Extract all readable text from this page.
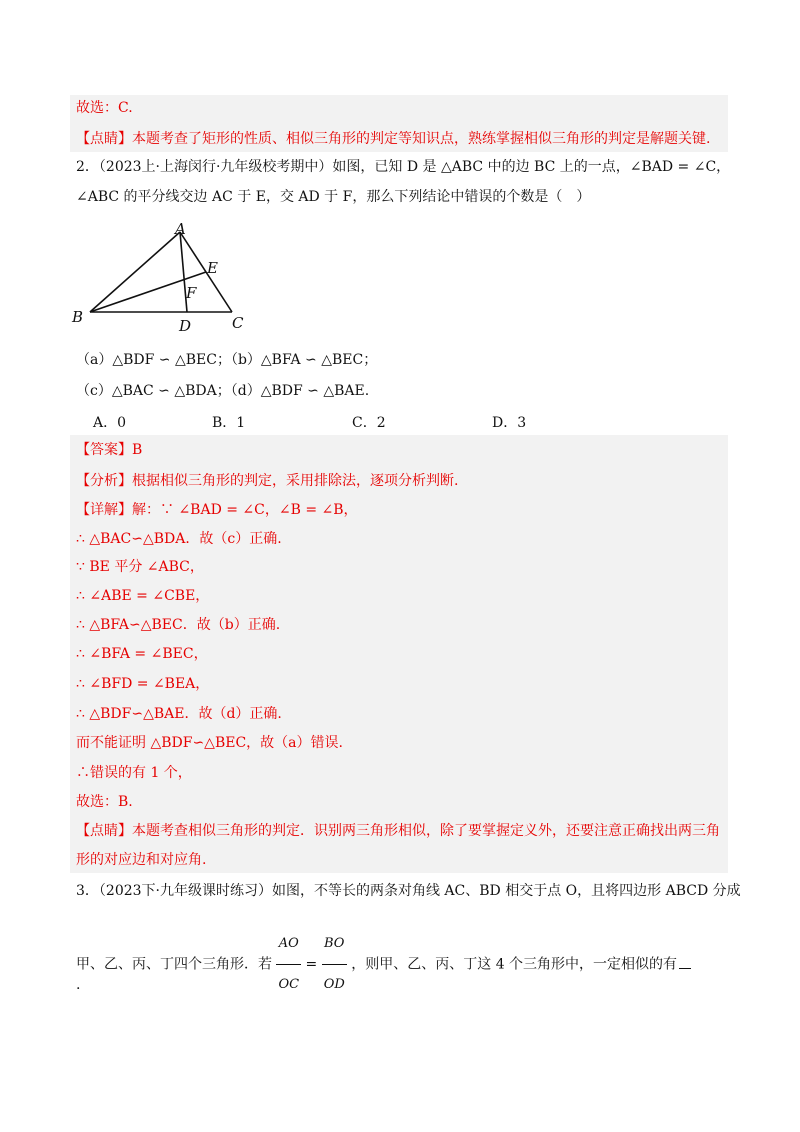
故选：C.
【点睛】本题考查了矩形的性质、相似三角形的判定等知识点，熟练掌握相似三角形的判定是解题关键.
2．（2023上·上海闵行·九年级校考期中）如图，已知 D 是 △ABC 中的边 BC 上的一点，∠BAD = ∠C，
∠ABC 的平分线交边 AC 于 E，交 AD 于 F，那么下列结论中错误的个数是（　）
A
B	C
D
E
F
（a）△BDF ∽ △BEC；（b）△BFA ∽ △BEC；
（c）△BAC ∽ △BDA；（d）△BDF ∽ △BAE.
A．0	B．1	C．2	D．3
【答案】B
【分析】根据相似三角形的判定，采用排除法，逐项分析判断.
【详解】解：∵ ∠BAD = ∠C，∠B = ∠B，
∴ △BAC∽△BDA．故（c）正确.
∵ BE 平分 ∠ABC，
∴ ∠ABE = ∠CBE，
∴ △BFA∽△BEC．故（b）正确.
∴ ∠BFA = ∠BEC，
∴ ∠BFD = ∠BEA，
∴ △BDF∽△BAE．故（d）正确.
而不能证明 △BDF∽△BEC，故（a）错误.
∴错误的有 1 个，
故选：B.
【点睛】本题考查相似三角形的判定．识别两三角形相似，除了要掌握定义外，还要注意正确找出两三角
形的对应边和对应角.
3．（2023下·九年级课时练习）如图，不等长的两条对角线 AC、BD 相交于点 O，且将四边形 ABCD 分成
甲、乙、丙、丁四个三角形．若 $\frac{AO}{OC} = \frac{BO}{OD}$ ，则甲、乙、丙、丁这 4 个三角形中，一定相似的有
.
